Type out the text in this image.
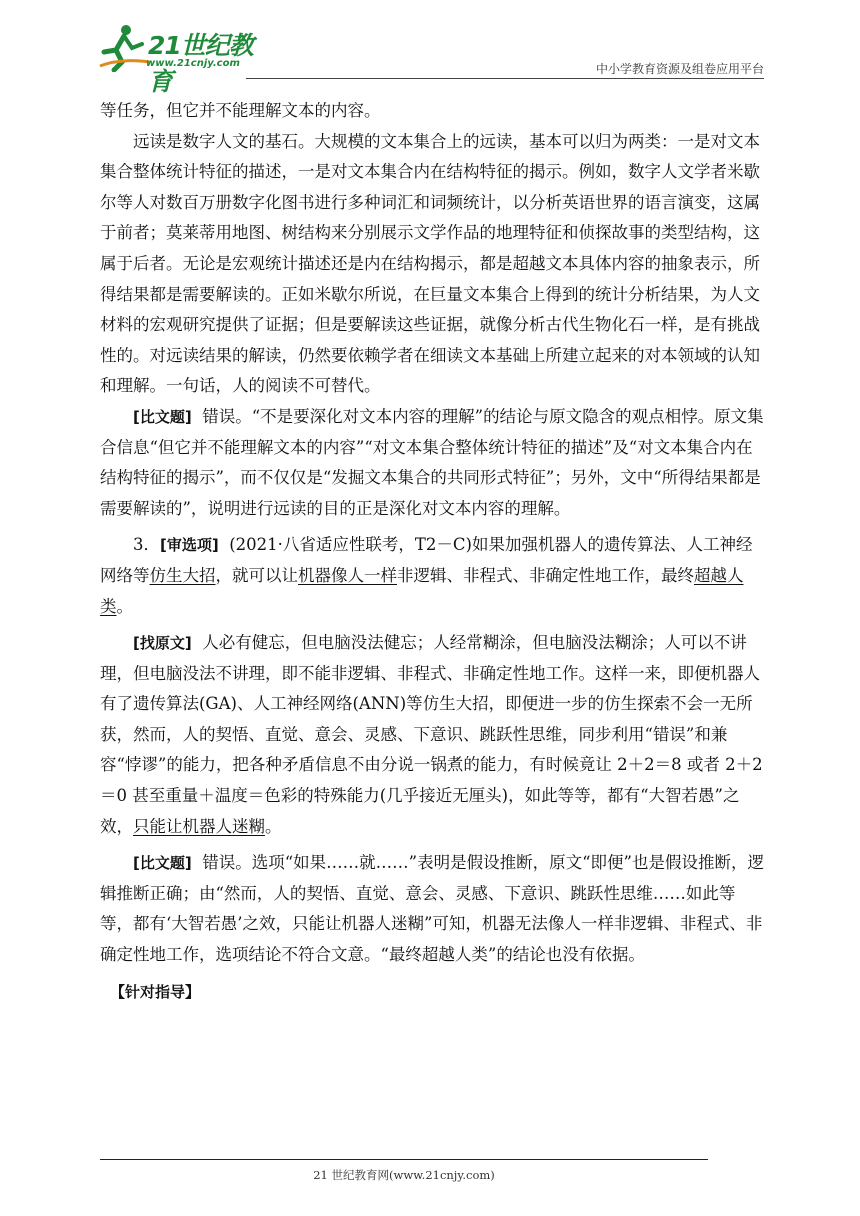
21世纪教育
www.21cnjy.com	中小学教育资源及组卷应用平台

等任务，但它并不能理解文本的内容。

远读是数字人文的基石。大规模的文本集合上的远读，基本可以归为两类：一是对文本集合整体统计特征的描述，一是对文本集合内在结构特征的揭示。例如，数字人文学者米歇尔等人对数百万册数字化图书进行多种词汇和词频统计，以分析英语世界的语言演变，这属于前者；莫莱蒂用地图、树结构来分别展示文学作品的地理特征和侦探故事的类型结构，这属于后者。无论是宏观统计描述还是内在结构揭示，都是超越文本具体内容的抽象表示，所得结果都是需要解读的。正如米歇尔所说，在巨量文本集合上得到的统计分析结果，为人文材料的宏观研究提供了证据；但是要解读这些证据，就像分析古代生物化石一样，是有挑战性的。对远读结果的解读，仍然要依赖学者在细读文本基础上所建立起来的对本领域的认知和理解。一句话，人的阅读不可替代。

[比文题] 错误。“不是要深化对文本内容的理解”的结论与原文隐含的观点相悖。原文集合信息“但它并不能理解文本的内容”“对文本集合整体统计特征的描述”及“对文本集合内在结构特征的揭示”，而不仅仅是“发掘文本集合的共同形式特征”；另外，文中“所得结果都是需要解读的”，说明进行远读的目的正是深化对文本内容的理解。

3．[审选项] (2021·八省适应性联考，T2－C)如果加强机器人的遗传算法、人工神经网络等仿生大招，就可以让机器像人一样非逻辑、非程式、非确定性地工作，最终超越人类。

[找原文] 人必有健忘，但电脑没法健忘；人经常糊涂，但电脑没法糊涂；人可以不讲理，但电脑没法不讲理，即不能非逻辑、非程式、非确定性地工作。这样一来，即便机器人有了遗传算法(GA)、人工神经网络(ANN)等仿生大招，即便进一步的仿生探索不会一无所获，然而，人的契悟、直觉、意会、灵感、下意识、跳跃性思维，同步利用“错误”和兼容“悖谬”的能力，把各种矛盾信息不由分说一锅煮的能力，有时候竟让 2＋2＝8 或者 2＋2＝0 甚至重量＋温度＝色彩的特殊能力(几乎接近无厘头)，如此等等，都有“大智若愚”之效，只能让机器人迷糊。

[比文题] 错误。选项“如果……就……”表明是假设推断，原文“即便”也是假设推断，逻辑推断正确；由“然而，人的契悟、直觉、意会、灵感、下意识、跳跃性思维……如此等等，都有‘大智若愚’之效，只能让机器人迷糊”可知，机器无法像人一样非逻辑、非程式、非确定性地工作，选项结论不符合文意。“最终超越人类”的结论也没有依据。

【针对指导】

21 世纪教育网(www.21cnjy.com)
